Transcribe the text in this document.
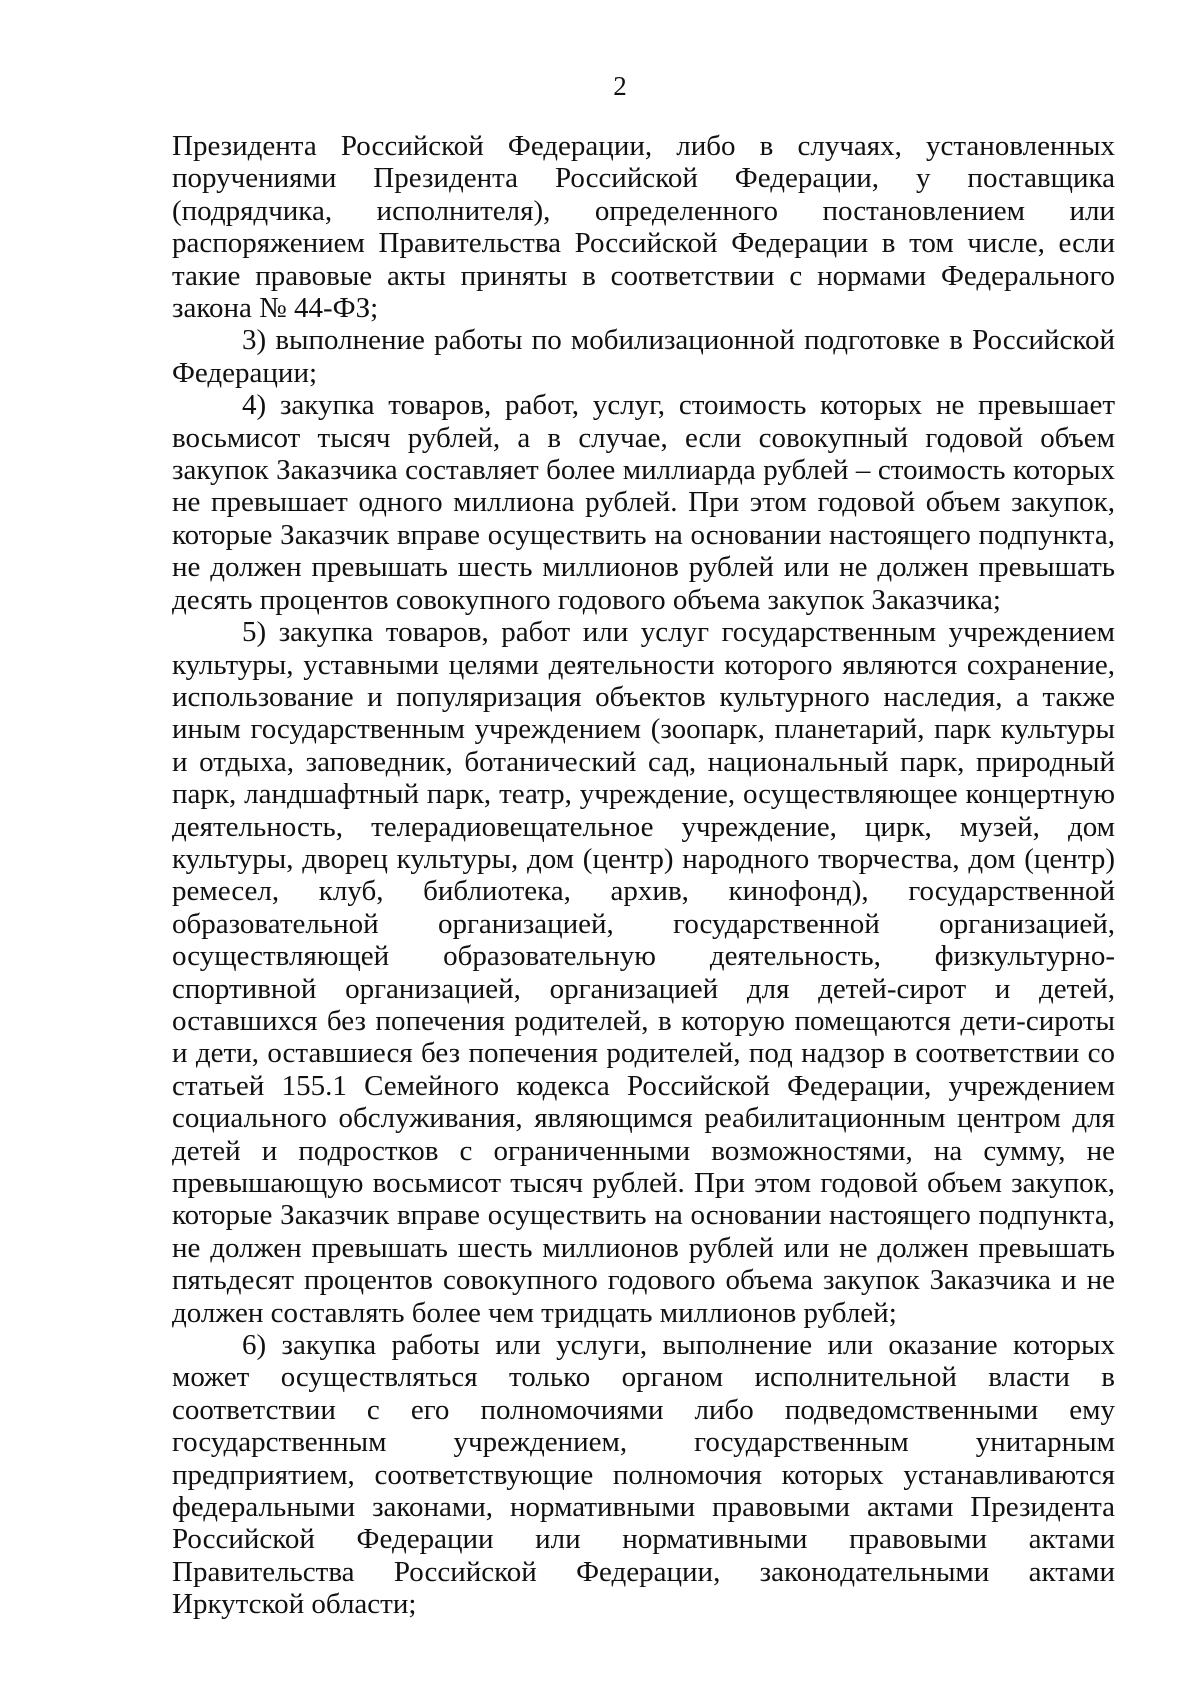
2

Президента Российской Федерации, либо в случаях, установленных поручениями Президента Российской Федерации, у поставщика (подрядчика, исполнителя), определенного постановлением или распоряжением Правительства Российской Федерации в том числе, если такие правовые акты приняты в соответствии с нормами Федерального закона № 44-ФЗ;

3) выполнение работы по мобилизационной подготовке в Российской Федерации;

4) закупка товаров, работ, услуг, стоимость которых не превышает восьмисот тысяч рублей, а в случае, если совокупный годовой объем закупок Заказчика составляет более миллиарда рублей – стоимость которых не превышает одного миллиона рублей. При этом годовой объем закупок, которые Заказчик вправе осуществить на основании настоящего подпункта, не должен превышать шесть миллионов рублей или не должен превышать десять процентов совокупного годового объема закупок Заказчика;

5) закупка товаров, работ или услуг государственным учреждением культуры, уставными целями деятельности которого являются сохранение, использование и популяризация объектов культурного наследия, а также иным государственным учреждением (зоопарк, планетарий, парк культуры и отдыха, заповедник, ботанический сад, национальный парк, природный парк, ландшафтный парк, театр, учреждение, осуществляющее концертную деятельность, телерадиовещательное учреждение, цирк, музей, дом культуры, дворец культуры, дом (центр) народного творчества, дом (центр) ремесел, клуб, библиотека, архив, кинофонд), государственной образовательной организацией, государственной организацией, осуществляющей образовательную деятельность, физкультурно-спортивной организацией, организацией для детей-сирот и детей, оставшихся без попечения родителей, в которую помещаются дети-сироты и дети, оставшиеся без попечения родителей, под надзор в соответствии со статьей 155.1 Семейного кодекса Российской Федерации, учреждением социального обслуживания, являющимся реабилитационным центром для детей и подростков с ограниченными возможностями, на сумму, не превышающую восьмисот тысяч рублей. При этом годовой объем закупок, которые Заказчик вправе осуществить на основании настоящего подпункта, не должен превышать шесть миллионов рублей или не должен превышать пятьдесят процентов совокупного годового объема закупок Заказчика и не должен составлять более чем тридцать миллионов рублей;

6) закупка работы или услуги, выполнение или оказание которых может осуществляться только органом исполнительной власти в соответствии с его полномочиями либо подведомственными ему государственным учреждением, государственным унитарным предприятием, соответствующие полномочия которых устанавливаются федеральными законами, нормативными правовыми актами Президента Российской Федерации или нормативными правовыми актами Правительства Российской Федерации, законодательными актами Иркутской области;
